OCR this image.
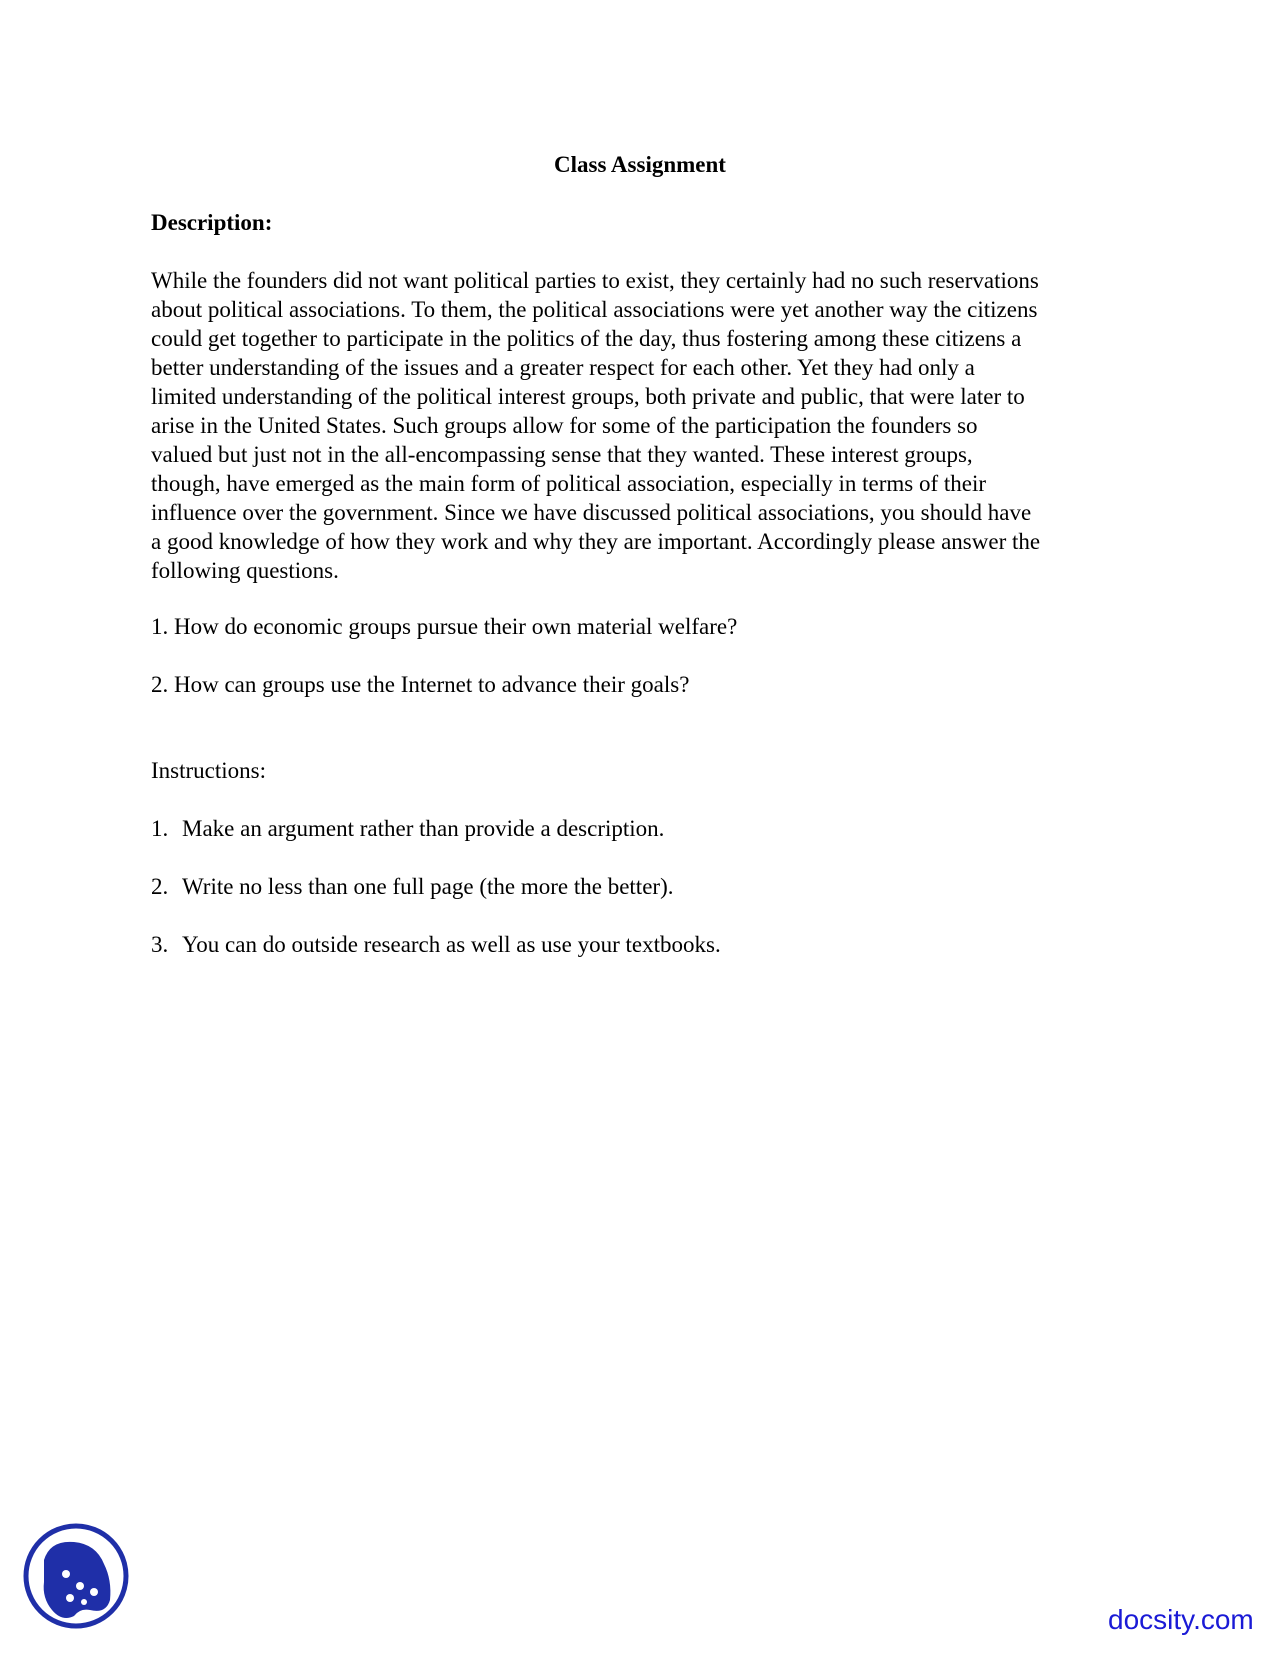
Class Assignment
Description:
While the founders did not want political parties to exist, they certainly had no such reservations
about political associations. To them, the political associations were yet another way the citizens
could get together to participate in the politics of the day, thus fostering among these citizens a
better understanding of the issues and a greater respect for each other. Yet they had only a
limited understanding of the political interest groups, both private and public, that were later to
arise in the United States. Such groups allow for some of the participation the founders so
valued but just not in the all-encompassing sense that they wanted. These interest groups,
though, have emerged as the main form of political association, especially in terms of their
influence over the government. Since we have discussed political associations, you should have
a good knowledge of how they work and why they are important. Accordingly please answer the
following questions.

1. How do economic groups pursue their own material welfare?

2. How can groups use the Internet to advance their goals?

Instructions:

1. Make an argument rather than provide a description.

2. Write no less than one full page (the more the better).

3. You can do outside research as well as use your textbooks.

docsity.com
